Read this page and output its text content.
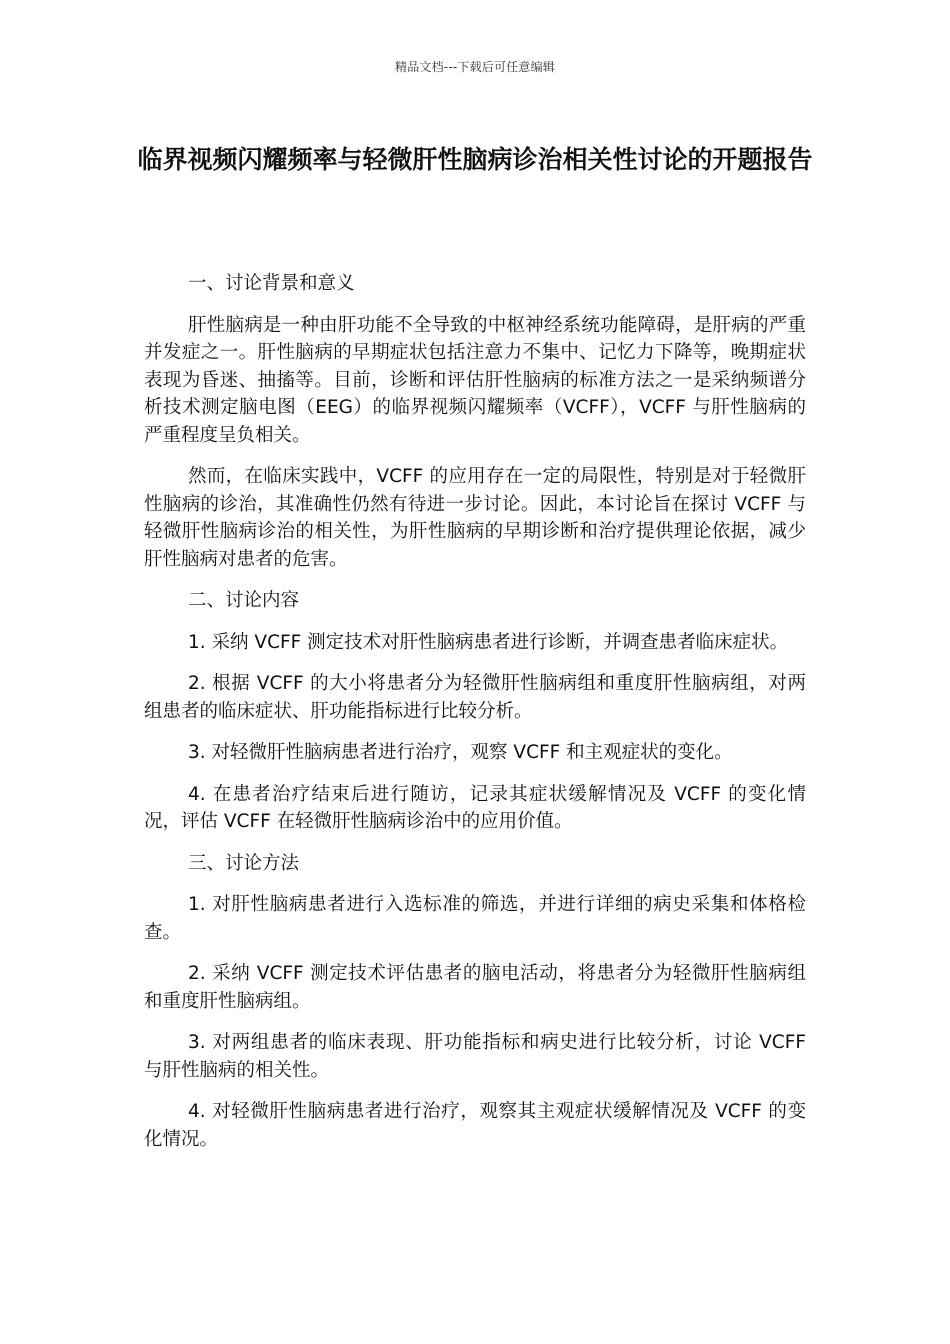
精品文档---下载后可任意编辑
临界视频闪耀频率与轻微肝性脑病诊治相关性讨论的开题报告

一、讨论背景和意义

肝性脑病是一种由肝功能不全导致的中枢神经系统功能障碍，是肝病的严重并发症之一。肝性脑病的早期症状包括注意力不集中、记忆力下降等，晚期症状表现为昏迷、抽搐等。目前，诊断和评估肝性脑病的标准方法之一是采纳频谱分析技术测定脑电图（EEG）的临界视频闪耀频率（VCFF），VCFF 与肝性脑病的严重程度呈负相关。

然而，在临床实践中，VCFF 的应用存在一定的局限性，特别是对于轻微肝性脑病的诊治，其准确性仍然有待进一步讨论。因此，本讨论旨在探讨 VCFF 与轻微肝性脑病诊治的相关性，为肝性脑病的早期诊断和治疗提供理论依据，减少肝性脑病对患者的危害。

二、讨论内容

1. 采纳 VCFF 测定技术对肝性脑病患者进行诊断，并调查患者临床症状。

2. 根据 VCFF 的大小将患者分为轻微肝性脑病组和重度肝性脑病组，对两组患者的临床症状、肝功能指标进行比较分析。

3. 对轻微肝性脑病患者进行治疗，观察 VCFF 和主观症状的变化。

4. 在患者治疗结束后进行随访，记录其症状缓解情况及 VCFF 的变化情况，评估 VCFF 在轻微肝性脑病诊治中的应用价值。

三、讨论方法

1. 对肝性脑病患者进行入选标准的筛选，并进行详细的病史采集和体格检查。

2. 采纳 VCFF 测定技术评估患者的脑电活动，将患者分为轻微肝性脑病组和重度肝性脑病组。

3. 对两组患者的临床表现、肝功能指标和病史进行比较分析，讨论 VCFF 与肝性脑病的相关性。

4. 对轻微肝性脑病患者进行治疗，观察其主观症状缓解情况及 VCFF 的变化情况。
